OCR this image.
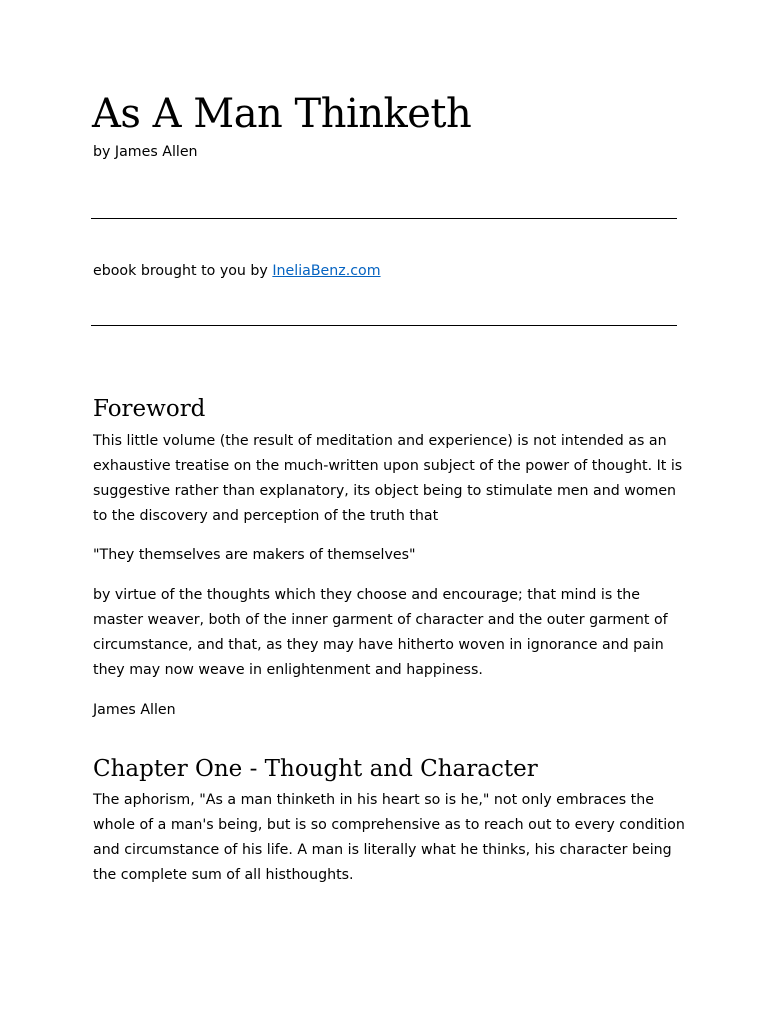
As A Man Thinketh

by James Allen

ebook brought to you by IneliaBenz.com

Foreword

This little volume (the result of meditation and experience) is not intended as an exhaustive treatise on the much-written upon subject of the power of thought. It is suggestive rather than explanatory, its object being to stimulate men and women to the discovery and perception of the truth that

"They themselves are makers of themselves"

by virtue of the thoughts which they choose and encourage; that mind is the master weaver, both of the inner garment of character and the outer garment of circumstance, and that, as they may have hitherto woven in ignorance and pain they may now weave in enlightenment and happiness.

James Allen

Chapter One - Thought and Character

The aphorism, "As a man thinketh in his heart so is he," not only embraces the whole of a man's being, but is so comprehensive as to reach out to every condition and circumstance of his life. A man is literally what he thinks, his character being the complete sum of all histhoughts.
